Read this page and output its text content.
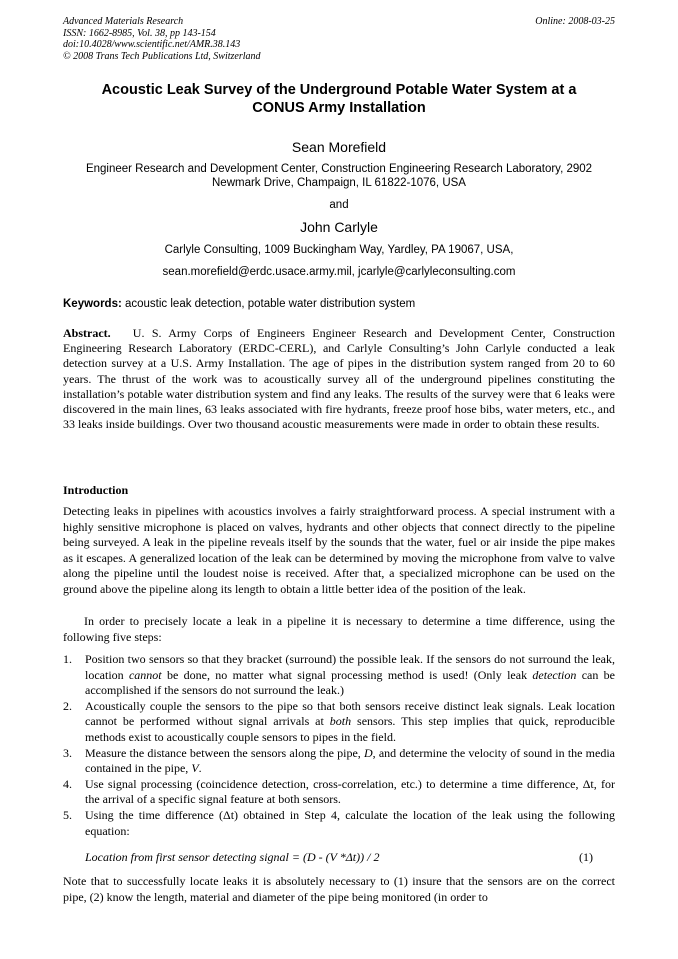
Advanced Materials Research
ISSN: 1662-8985, Vol. 38, pp 143-154
doi:10.4028/www.scientific.net/AMR.38.143
© 2008 Trans Tech Publications Ltd, Switzerland
Online: 2008-03-25
Acoustic Leak Survey of the Underground Potable Water System at a
CONUS Army Installation
Sean Morefield
Engineer Research and Development Center, Construction Engineering Research Laboratory, 2902
Newmark Drive, Champaign, IL 61822-1076, USA
and
John Carlyle
Carlyle Consulting, 1009 Buckingham Way, Yardley, PA 19067, USA,
sean.morefield@erdc.usace.army.mil, jcarlyle@carlyleconsulting.com
Keywords: acoustic leak detection, potable water distribution system
Abstract. U. S. Army Corps of Engineers Engineer Research and Development Center, Construction Engineering Research Laboratory (ERDC-CERL), and Carlyle Consulting’s John Carlyle conducted a leak detection survey at a U.S. Army Installation. The age of pipes in the distribution system ranged from 20 to 60 years. The thrust of the work was to acoustically survey all of the underground pipelines constituting the installation’s potable water distribution system and find any leaks. The results of the survey were that 6 leaks were discovered in the main lines, 63 leaks associated with fire hydrants, freeze proof hose bibs, water meters, etc., and 33 leaks inside buildings. Over two thousand acoustic measurements were made in order to obtain these results.
Introduction
Detecting leaks in pipelines with acoustics involves a fairly straightforward process. A special instrument with a highly sensitive microphone is placed on valves, hydrants and other objects that connect directly to the pipeline being surveyed. A leak in the pipeline reveals itself by the sounds that the water, fuel or air inside the pipe makes as it escapes. A generalized location of the leak can be determined by moving the microphone from valve to valve along the pipeline until the loudest noise is received. After that, a specialized microphone can be used on the ground above the pipeline along its length to obtain a little better idea of the position of the leak.
In order to precisely locate a leak in a pipeline it is necessary to determine a time difference, using the following five steps:
1.	Position two sensors so that they bracket (surround) the possible leak. If the sensors do not surround the leak, location cannot be done, no matter what signal processing method is used! (Only leak detection can be accomplished if the sensors do not surround the leak.)
2.	Acoustically couple the sensors to the pipe so that both sensors receive distinct leak signals. Leak location cannot be performed without signal arrivals at both sensors. This step implies that quick, reproducible methods exist to acoustically couple sensors to pipes in the field.
3.	Measure the distance between the sensors along the pipe, D, and determine the velocity of sound in the media contained in the pipe, V.
4.	Use signal processing (coincidence detection, cross-correlation, etc.) to determine a time difference, Δt, for the arrival of a specific signal feature at both sensors.
5.	Using the time difference (Δt) obtained in Step 4, calculate the location of the leak using the following equation:
Location from first sensor detecting signal = (D - (V *Δt)) / 2	(1)
Note that to successfully locate leaks it is absolutely necessary to (1) insure that the sensors are on the correct pipe, (2) know the length, material and diameter of the pipe being monitored (in order to
